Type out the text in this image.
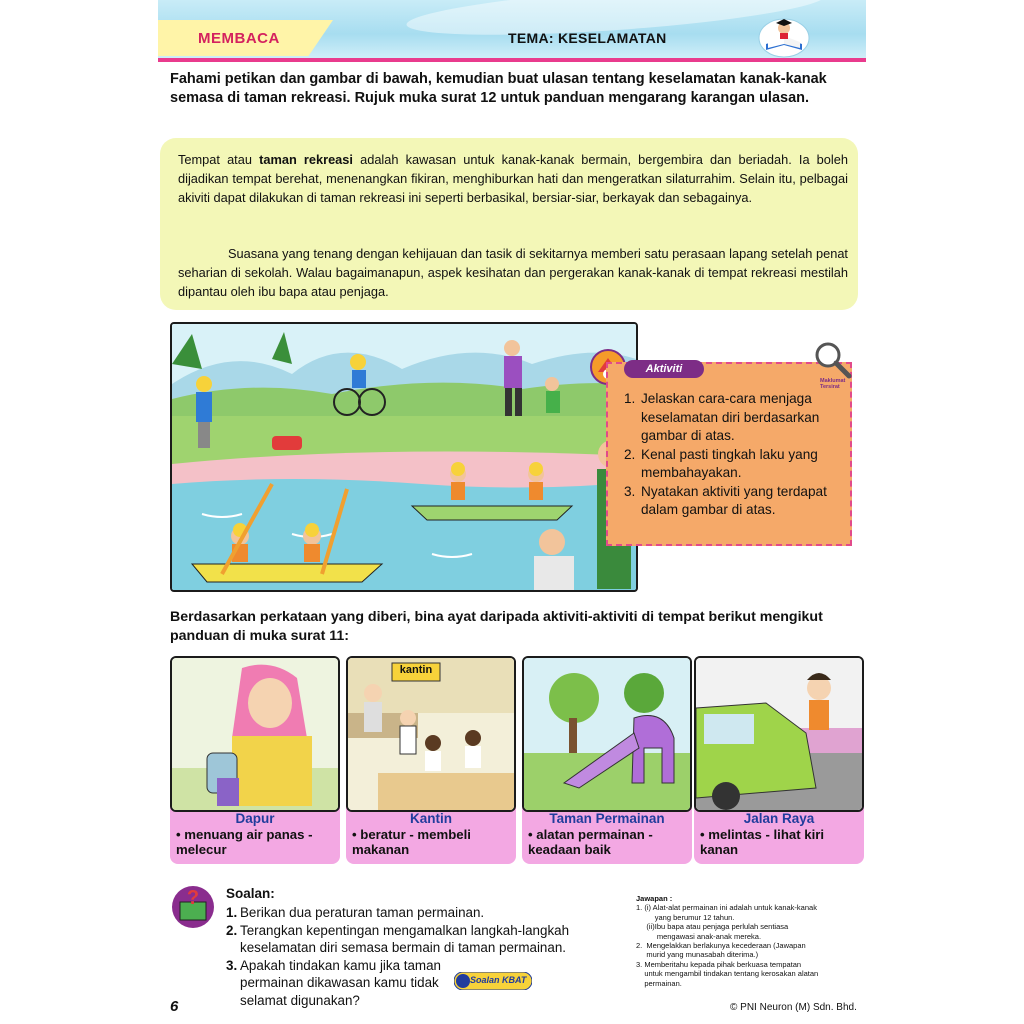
MEMBACA	TEMA: KESELAMATAN
Fahami petikan dan gambar di bawah, kemudian buat ulasan tentang keselamatan kanak-kanak semasa di taman rekreasi. Rujuk muka surat 12 untuk panduan mengarang karangan ulasan.

Tempat atau taman rekreasi adalah kawasan untuk kanak-kanak bermain, bergembira dan beriadah. Ia boleh dijadikan tempat berehat, menenangkan fikiran, menghiburkan hati dan mengeratkan silaturrahim. Selain itu, pelbagai akiviti dapat dilakukan di taman rekreasi ini seperti berbasikal, bersiar-siar, berkayak dan sebagainya.

Suasana yang tenang dengan kehijauan dan tasik di sekitarnya memberi satu perasaan lapang setelah penat seharian di sekolah. Walau bagaimanapun, aspek kesihatan dan pergerakan kanak-kanak di tempat rekreasi mestilah dipantau oleh ibu bapa atau penjaga.

1. Jelaskan cara-cara menjaga keselamatan diri berdasarkan gambar di atas.
2. Kenal pasti tingkah laku yang membahayakan.
3. Nyatakan aktiviti yang terdapat dalam gambar di atas.
Aktiviti
Maklumat Tersirat
Berdasarkan perkataan yang diberi, bina ayat daripada aktiviti-aktiviti di tempat berikut mengikut panduan di muka surat 11:
Dapur
• menuang air panas - melecur
kantin
Kantin
• beratur - membeli makanan
Taman Permainan
• alatan permainan - keadaan baik
Jalan Raya
• melintas - lihat kiri kanan
? Soalan:
1. Berikan dua peraturan taman permainan.
2. Terangkan kepentingan mengamalkan langkah-langkah keselamatan diri semasa bermain di taman permainan.
3. Apakah tindakan kamu jika taman permainan dikawasan kamu tidak selamat digunakan?
Soalan KBAT
Jawapan :
1. (i) Alat-alat permainan ini adalah untuk kanak-kanak
yang berumur 12 tahun.
(ii)Ibu bapa atau penjaga perlulah sentiasa
mengawasi anak-anak mereka.
2.  Mengelakkan berlakunya kecederaan (Jawapan
murid yang munasabah diterima.)
3. Memberitahu kepada pihak berkuasa tempatan
untuk mengambil tindakan tentang kerosakan alatan
permainan.
6	© PNI Neuron (M) Sdn. Bhd.
